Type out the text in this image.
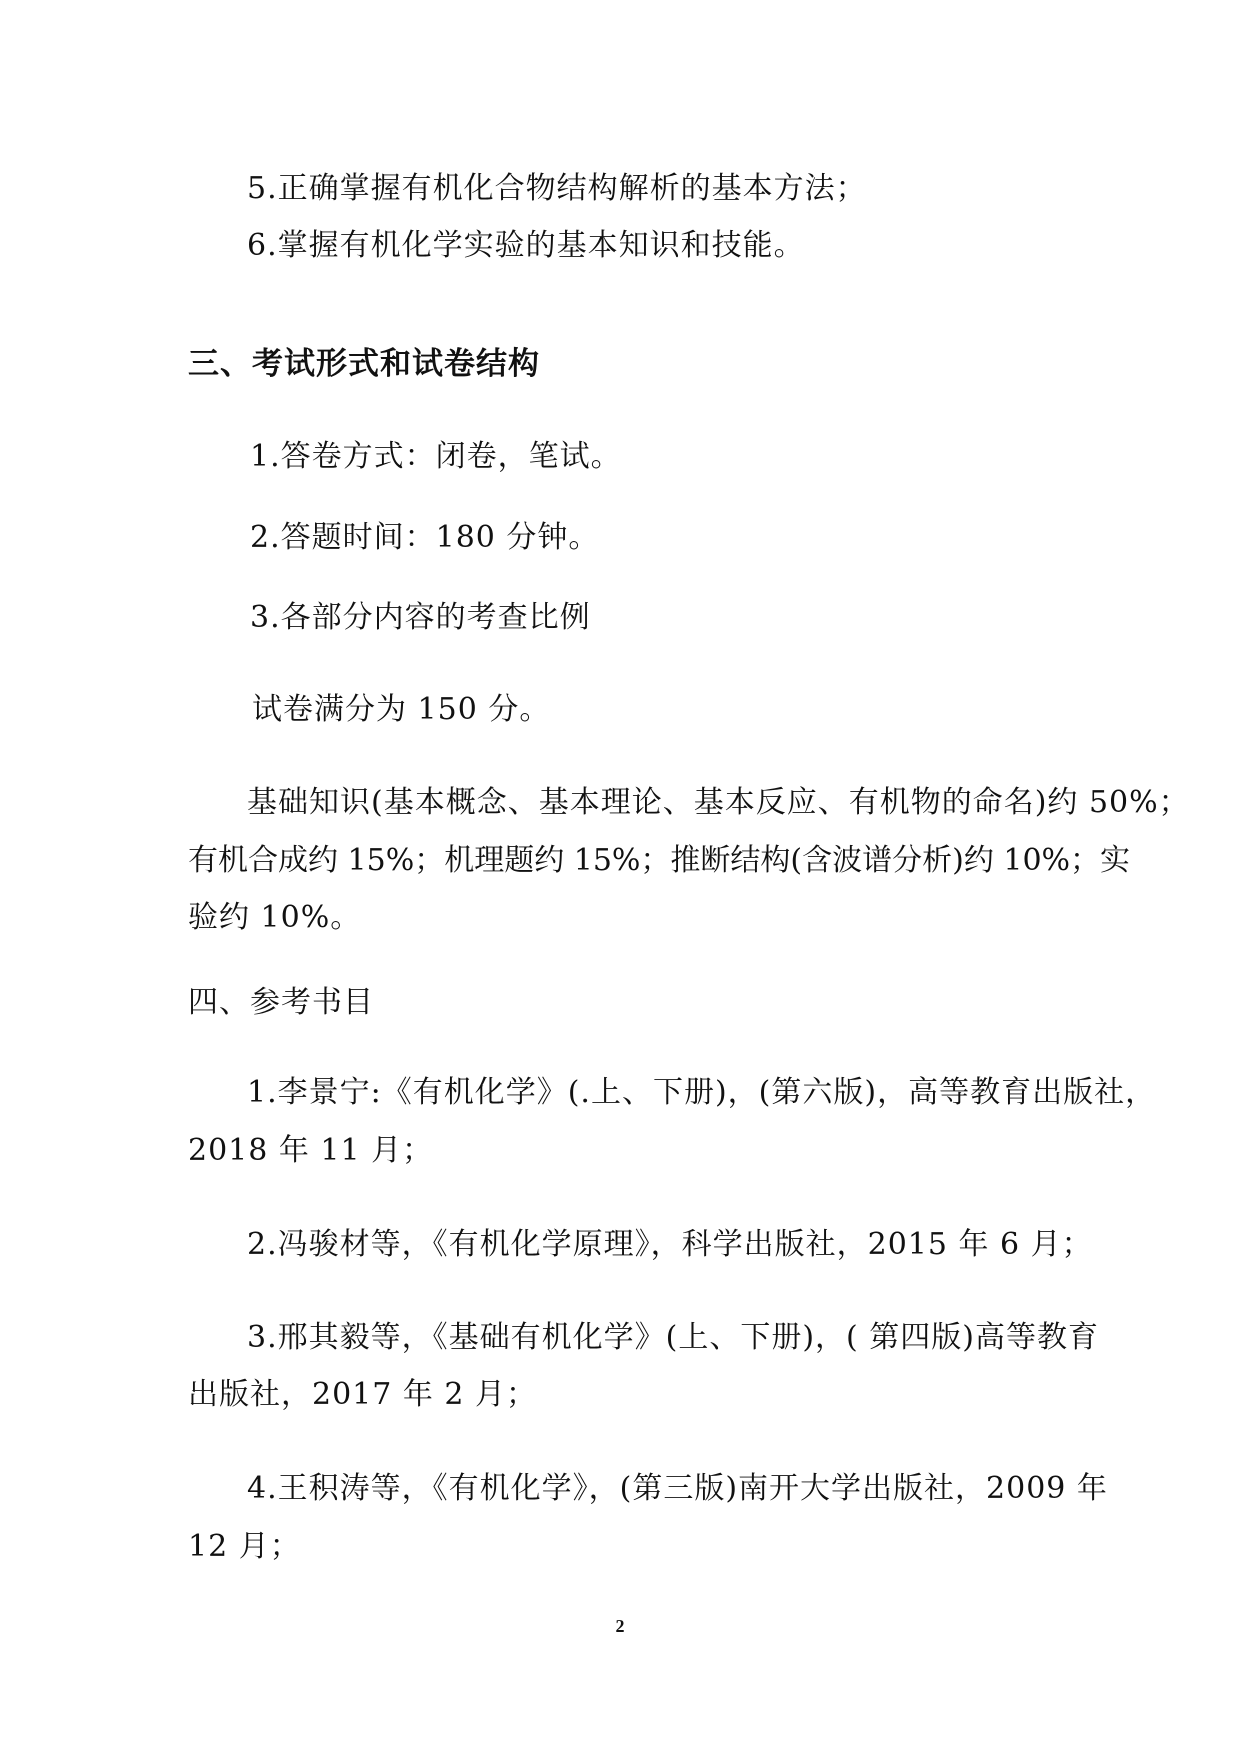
5.正确掌握有机化合物结构解析的基本方法；
6.掌握有机化学实验的基本知识和技能。
三、考试形式和试卷结构
1.答卷方式：闭卷，笔试。
2.答题时间：180 分钟。
3.各部分内容的考查比例
试卷满分为 150 分。
基础知识(基本概念、基本理论、基本反应、有机物的命名)约 50%；
有机合成约 15%；机理题约 15%；推断结构(含波谱分析)约 10%；实
验约 10%。
四、参考书目
1.李景宁:《有机化学》(.上、下册)，(第六版)，高等教育出版社，
2018 年 11 月；
2.冯骏材等，《有机化学原理》，科学出版社，2015 年 6 月；
3.邢其毅等，《基础有机化学》(上、下册)，( 第四版)高等教育
出版社，2017 年 2 月；
4.王积涛等，《有机化学》，(第三版)南开大学出版社，2009 年
12 月；
2
